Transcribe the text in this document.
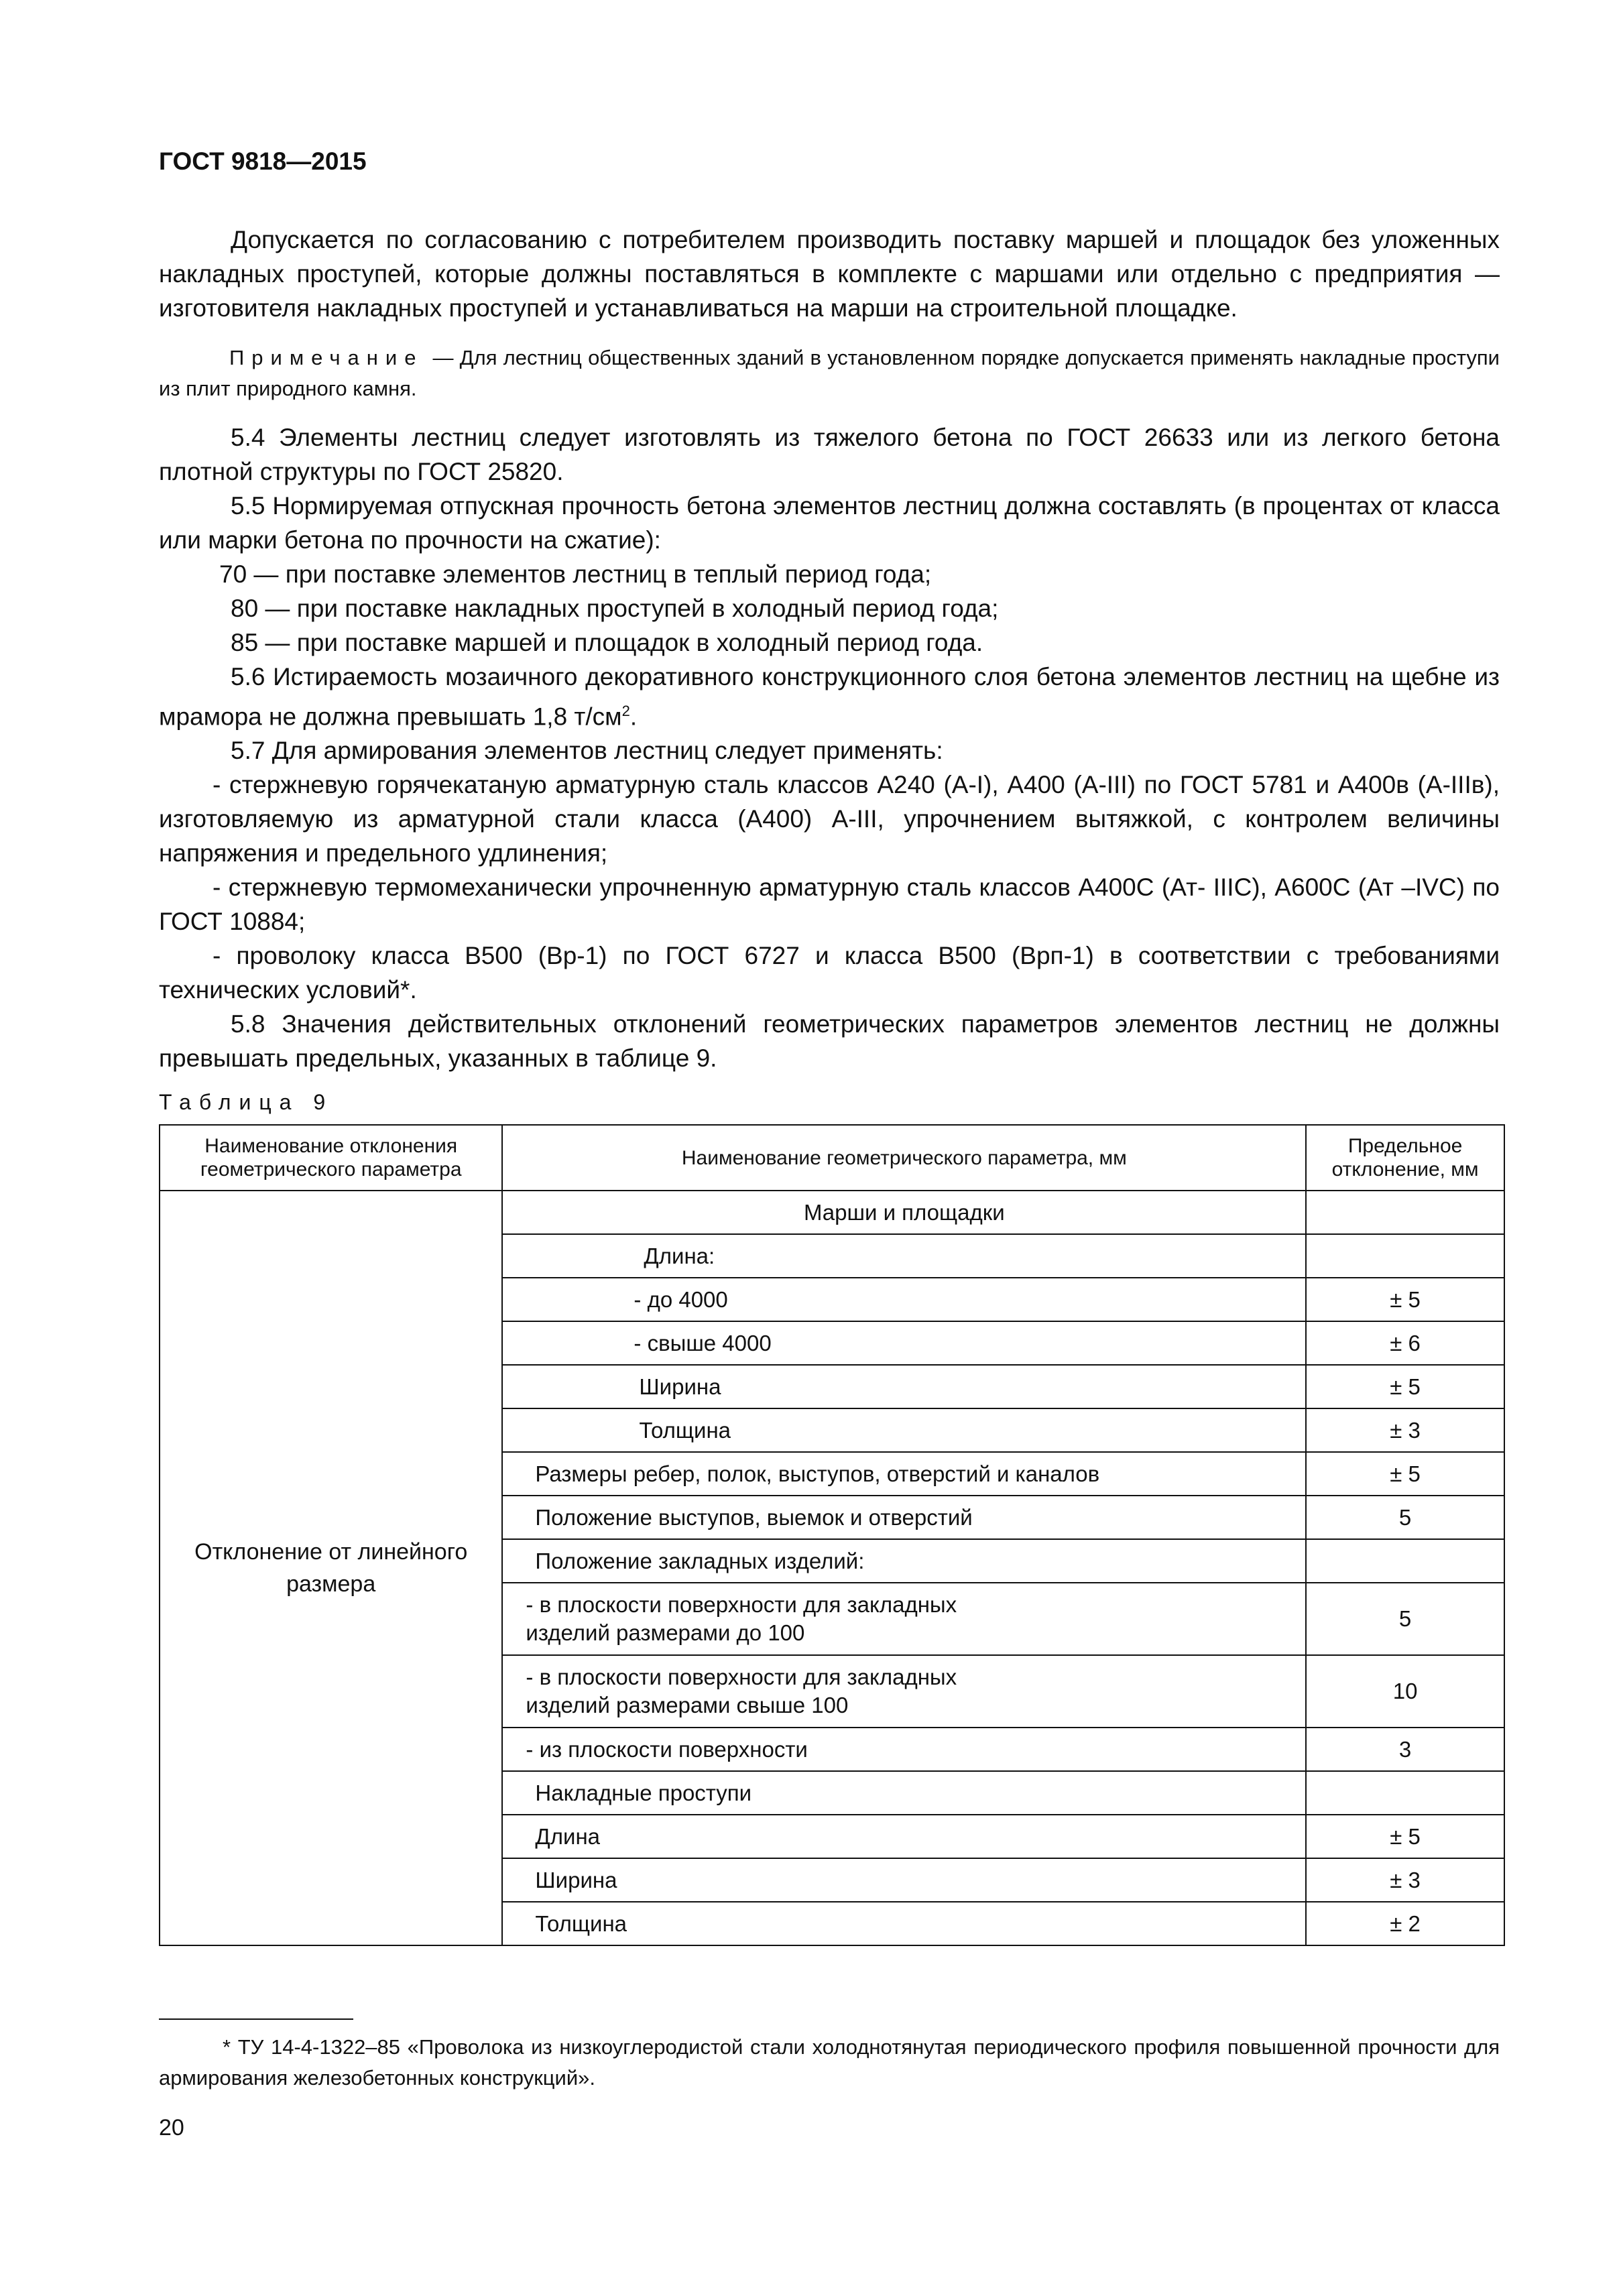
ГОСТ 9818—2015

Допускается по согласованию с потребителем производить поставку маршей и площадок без уложенных накладных проступей, которые должны поставляться в комплекте с маршами или отдельно с предприятия — изготовителя накладных проступей и устанавливаться на марши на строительной площадке.

Примечание — Для лестниц общественных зданий в установленном порядке допускается применять накладные проступи из плит природного камня.

5.4 Элементы лестниц следует изготовлять из тяжелого бетона по ГОСТ 26633 или из легкого бетона плотной структуры по ГОСТ 25820.

5.5 Нормируемая отпускная прочность бетона элементов лестниц должна составлять (в процентах от класса или марки бетона по прочности на сжатие):

70 — при поставке элементов лестниц в теплый период года;

80 — при поставке накладных проступей в холодный период года;

85 — при поставке маршей и площадок в холодный период года.

5.6 Истираемость мозаичного декоративного конструкционного слоя бетона элементов лестниц на щебне из мрамора не должна превышать 1,8 $т/см^2$.

5.7 Для армирования элементов лестниц следует применять:

- стержневую горячекатаную арматурную сталь классов А240 (А-I), А400 (А-III) по ГОСТ 5781 и А400в (А-IIIв), изготовляемую из арматурной стали класса (А400) А-III, упрочнением вытяжкой, с контролем величины напряжения и предельного удлинения;

- стержневую термомеханически упрочненную арматурную сталь классов А400С (Ат- IIIС), А600С (Ат –IVС) по ГОСТ 10884;

- проволоку класса В500 (Вр-1) по ГОСТ 6727 и класса В500 (Врп-1) в соответствии с требованиями технических условий*.

5.8 Значения действительных отклонений геометрических параметров элементов лестниц не должны превышать предельных, указанных в таблице 9.

Таблица 9
Наименование отклонения геометрического параметра	Наименование геометрического параметра, мм	Предельное отклонение, мм
Отклонение от линейного размера	Марши и площадки	
	Длина:	
	- до 4000	± 5
	- свыше 4000	± 6
	Ширина	± 5
	Толщина	± 3
	Размеры ребер, полок, выступов, отверстий и каналов	± 5
	Положение выступов, выемок и отверстий	5
	Положение закладных изделий:	
	- в плоскости поверхности для закладных изделий размерами до 100	5
	- в плоскости поверхности для закладных изделий размерами свыше 100	10
	- из плоскости поверхности	3
	Накладные проступи	
	Длина	± 5
	Ширина	± 3
	Толщина	± 2
* ТУ 14-4-1322–85 «Проволока из низкоуглеродистой стали холоднотянутая периодического профиля повышенной прочности для армирования железобетонных конструкций».
20
